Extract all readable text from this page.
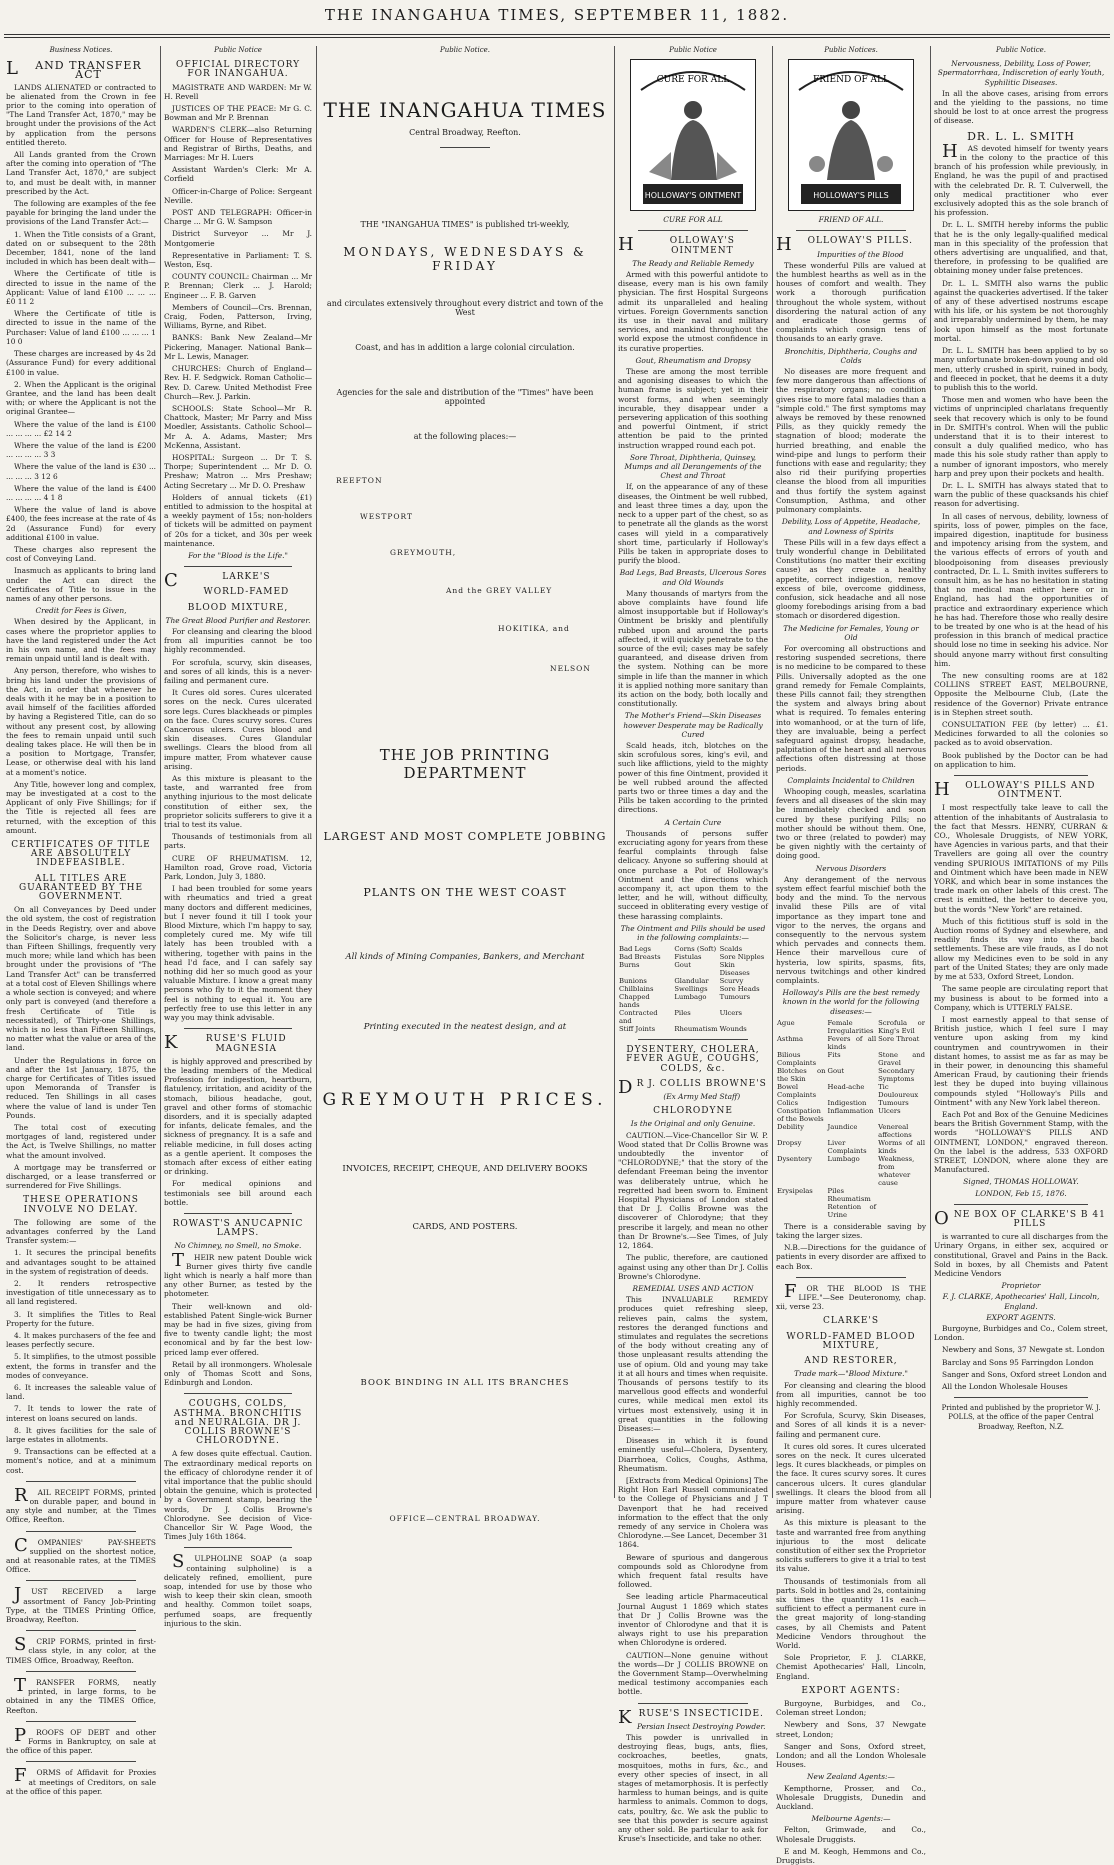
THE INANGAHUA TIMES, SEPTEMBER 11, 1882.
Business Notices.
LAND TRANSFER ACT

LANDS ALIENATED or contracted to be alienated from the Crown in fee prior to the coming into operation of "The Land Transfer Act, 1870," may be brought under the provisions of the Act by application from the persons entitled thereto.

All Lands granted from the Crown after the coming into operation of "The Land Transfer Act, 1870," are subject to, and must be dealt with, in manner prescribed by the Act.

The following are examples of the fee payable for bringing the land under the provisions of the Land Transfer Act:—

1. When the Title consists of a Grant, dated on or subsequent to the 28th December, 1841, none of the land included in which has been dealt with—

Where the Certificate of title is directed to issue in the name of the Applicant: Value of land £100 ... ... ... £0 11 2

Where the Certificate of title is directed to issue in the name of the Purchaser: Value of land £100 ... ... ... 1 10 0

These charges are increased by 4s 2d (Assurance Fund) for every additional £100 in value.

2. When the Applicant is the original Grantee, and the land has been dealt with; or where the Applicant is not the original Grantee—

Where the value of the land is £100 ... ... ... ... £2 14 2

Where the value of the land is £200 ... ... ... ... 3 3

Where the value of the land is £30 ... ... ... ... 3 12 6

Where the value of the land is £400 ... ... ... ... 4 1 8

Where the value of land is above £400, the fees increase at the rate of 4s 2d (Assurance Fund) for every additional £100 in value.

These charges also represent the cost of Conveying Land.

Inasmuch as applicants to bring land under the Act can direct the Certificates of Title to issue in the names of any other persons.

Credit for Fees is Given,

When desired by the Applicant, in cases where the proprietor applies to have the land registered under the Act in his own name, and the fees may remain unpaid until land is dealt with.

Any person, therefore, who wishes to bring his land under the provisions of the Act, in order that whenever he deals with it he may be in a position to avail himself of the facilities afforded by having a Registered Title, can do so without any present cost, by allowing the fees to remain unpaid until such dealing takes place. He will then be in a position to Mortgage, Transfer, Lease, or otherwise deal with his land at a moment's notice.

Any Title, however long and complex, may be investigated at a cost to the Applicant of only Five Shillings; for if the Title is rejected all fees are returned, with the exception of this amount.

CERTIFICATES OF TITLE ARE ABSOLUTELY INDEFEASIBLE.
ALL TITLES ARE GUARANTEED BY THE GOVERNMENT.

On all Conveyances by Deed under the old system, the cost of registration in the Deeds Registry, over and above the Solicitor's charge, is never less than Fifteen Shillings, frequently very much more; while land which has been brought under the provisions of "The Land Transfer Act" can be transferred at a total cost of Eleven Shillings where a whole section is conveyed; and where only part is conveyed (and therefore a fresh Certificate of Title is necessitated), of Thirty-one Shillings, which is no less than Fifteen Shillings, no matter what the value or area of the land.

Under the Regulations in force on and after the 1st January, 1875, the charge for Certificates of Titles issued upon Memoranda of Transfer is reduced. Ten Shillings in all cases where the value of land is under Ten Pounds.

The total cost of executing mortgages of land, registered under the Act, is Twelve Shillings, no matter what the amount involved.

A mortgage may be transferred or discharged, or a lease transferred or surrendered for Five Shillings.

THESE OPERATIONS INVOLVE NO DELAY.

The following are some of the advantages conferred by the Land Transfer system:—

1. It secures the principal benefits and advantages sought to be attained in the system of registration of deeds.

2. It renders retrospective investigation of title unnecessary as to all land registered.

3. It simplifies the Titles to Real Property for the future.

4. It makes purchasers of the fee and leases perfectly secure.

5. It simplifies, to the utmost possible extent, the forms in transfer and the modes of conveyance.

6. It increases the saleable value of land.

7. It tends to lower the rate of interest on loans secured on lands.

8. It gives facilities for the sale of large estates in allotments.

9. Transactions can be effected at a moment's notice, and at a minimum cost.

RAIL RECEIPT FORMS, printed on durable paper, and bound in any style and number, at the Times Office, Reefton.

COMPANIES' PAY-SHEETS supplied on the shortest notice, and at reasonable rates, at the TIMES Office.

JUST RECEIVED a large assortment of Fancy Job-Printing Type, at the TIMES Printing Office, Broadway, Reefton.

SCRIP FORMS, printed in first-class style, in any color, at the TIMES Office, Broadway, Reefton.

TRANSFER FORMS, neatly printed, in large forms, to be obtained in any the TIMES Office, Reefton.

PROOFS OF DEBT and other Forms in Bankruptcy, on sale at the office of this paper.

FORMS of Affidavit for Proxies at meetings of Creditors, on sale at the office of this paper.

Public Notice
OFFICIAL DIRECTORY FOR INANGAHUA.

MAGISTRATE AND WARDEN: Mr W. H. Revell

JUSTICES OF THE PEACE: Mr G. C. Bowman and Mr P. Brennan

WARDEN'S CLERK—also Returning Officer for House of Representatives and Registrar of Births, Deaths, and Marriages: Mr H. Luers

Assistant Warden's Clerk: Mr A. Corfield

Officer-in-Charge of Police: Sergeant Neville.

POST AND TELEGRAPH: Officer-in Charge ... Mr G. W. Sampson

District Surveyor ... Mr J. Montgomerie

Representative in Parliament: T. S. Weston, Esq.

COUNTY COUNCIL: Chairman ... Mr P. Brennan; Clerk ... J. Harold; Engineer ... F. B. Garven

Members of Council—Crs. Brennan, Craig, Foden, Patterson, Irving, Williams, Byrne, and Ribet.

BANKS: Bank New Zealand—Mr Pickering, Manager. National Bank—Mr L. Lewis, Manager.

CHURCHES: Church of England—Rev. H. F. Sedgwick. Roman Catholic—Rev. D. Carew. United Methodist Free Church—Rev. J. Parkin.

SCHOOLS: State School—Mr R. Chattock, Master; Mr Parry and Miss Moedler, Assistants. Catholic School—Mr A. A. Adams, Master; Mrs McKenna, Assistant.

HOSPITAL: Surgeon ... Dr T. S. Thorpe; Superintendent ... Mr D. O. Preshaw; Matron ... Mrs Preshaw; Acting Secretary ... Mr D. O. Preshaw

Holders of annual tickets (£1) entitled to admission to the hospital at a weekly payment of 15s; non-holders of tickets will be admitted on payment of 20s for a ticket, and 30s per week maintenance.

For the "Blood is the Life."
CLARKE'S
WORLD-FAMED
BLOOD MIXTURE,
The Great Blood Purifier and Restorer.

For cleansing and clearing the blood from all impurities cannot be too highly recommended.

For scrofula, scurvy, skin diseases, and sores of all kinds, this is a never-failing and permanent cure.

It Cures old sores. Cures ulcerated sores on the neck. Cures ulcerated sore legs. Cures blackheads or pimples on the face. Cures scurvy sores. Cures Cancerous ulcers. Cures blood and skin diseases. Cures Glandular swellings. Clears the blood from all impure matter, From whatever cause arising.

As this mixture is pleasant to the taste, and warranted free from anything injurious to the most delicate constitution of either sex, the proprietor solicits sufferers to give it a trial to test its value.

Thousands of testimonials from all parts.

CURE OF RHEUMATISM. 12, Hamilton road, Grove road, Victoria Park, London, July 3, 1880.

I had been troubled for some years with rheumatics and tried a great many doctors and different medicines, but I never found it till I took your Blood Mixture, which I'm happy to say, completely cured me. My wife till lately has been troubled with a withering, together with pains in the head I'd face, and I can safely say nothing did her so much good as your valuable Mixture. I know a great many persons who fly to it the moment they feel is nothing to equal it. You are perfectly free to use this letter in any way you may think advisable.

KRUSE'S FLUID MAGNESIA

is highly approved and prescribed by the leading members of the Medical Profession for indigestion, heartburn, flatulency, irritation, and acidity of the stomach, bilious headache, gout, gravel and other forms of stomachic disorders, and it is specially adapted for infants, delicate females, and the sickness of pregnancy. It is a safe and reliable medicine, in full doses acting as a gentle aperient. It composes the stomach after excess of either eating or drinking.

For medical opinions and testimonials see bill around each bottle.

ROWAST'S ANUCAPNIC LAMPS.
No Chimney, no Smell, no Smoke.

THEIR new patent Double wick Burner gives thirty five candle light which is nearly a half more than any other Burner, as tested by the photometer.

Their well-known and old-established Patent Single-wick Burner may be had in five sizes, giving from five to twenty candle light; the most economical and by far the best low-priced lamp ever offered.

Retail by all ironmongers. Wholesale only of Thomas Scott and Sons, Edinburgh and London.

COUGHS, COLDS, ASTHMA. BRONCHITIS and NEURALGIA. DR J. COLLIS BROWNE'S CHLORODYNE.

A few doses quite effectual. Caution. The extraordinary medical reports on the efficacy of chlorodyne render it of vital importance that the public should obtain the genuine, which is protected by a Government stamp, bearing the words, Dr J. Collis Browne's Chlorodyne. See decision of Vice-Chancellor Sir W. Page Wood, the Times July 16th 1864.

SULPHOLINE SOAP (a soap containing sulpholine) is a delicately refined, emollient, pure soap, intended for use by those who wish to keep their skin clean, smooth and healthy. Common toilet soaps, perfumed soaps, are frequently injurious to the skin.

Public Notice.
THE INANGAHUA TIMES
Central Broadway, Reefton.
THE "INANGAHUA TIMES" is published tri-weekly,
MONDAYS, WEDNESDAYS & FRIDAY
and circulates extensively throughout every district and town of the West
Coast, and has in addition a large colonial circulation.
Agencies for the sale and distribution of the "Times" have been appointed
at the following places:—
REEFTON
WESTPORT
GREYMOUTH,
And the GREY VALLEY
HOKITIKA, and
NELSON
THE JOB PRINTING DEPARTMENT
LARGEST AND MOST COMPLETE JOBBING
PLANTS ON THE WEST COAST
All kinds of Mining Companies, Bankers, and Merchant
Printing executed in the neatest design, and at
GREYMOUTH PRICES.
INVOICES, RECEIPT, CHEQUE, AND DELIVERY BOOKS
CARDS, AND POSTERS.
BOOK BINDING IN ALL ITS BRANCHES
OFFICE—CENTRAL BROADWAY.
Public Notice
CURE FOR ALL
HOLLOWAY'S OINTMENT
CURE FOR ALL
HOLLOWAY'S OINTMENT
The Ready and Reliable Remedy

Armed with this powerful antidote to disease, every man is his own family physician. The first Hospital Surgeons admit its unparalleled and healing virtues. Foreign Governments sanction its use in their naval and military services, and mankind throughout the world expose the utmost confidence in its curative properties.

Gout, Rheumatism and Dropsy

These are among the most terrible and agonising diseases to which the human frame is subject; yet in their worst forms, and when seemingly incurable, they disappear under a persevering application of this soothing and powerful Ointment, if strict attention be paid to the printed instruction wrapped round each pot.

Sore Throat, Diphtheria, Quinsey, Mumps and all Derangements of the Chest and Throat

If, on the appearance of any of these diseases, the Ointment be well rubbed, and least three times a day, upon the neck to a upper part of the chest, so as to penetrate all the glands as the worst cases will yield in a comparatively short time, particularly if Holloway's Pills be taken in appropriate doses to purify the blood.

Bad Legs, Bad Breasts, Ulcerous Sores and Old Wounds

Many thousands of martyrs from the above complaints have found life almost insupportable but if Holloway's Ointment be briskly and plentifully rubbed upon and around the parts affected, it will quickly penetrate to the source of the evil; cases may be safely guaranteed, and disease driven from the system. Nothing can be more simple in life than the manner in which it is applied nothing more sanitary than its action on the body, both locally and constitutionally.

The Mother's Friend—Skin Diseases however Desperate may be Radically Cured

Scald heads, itch, blotches on the skin scrofulous sores, king's evil, and such like afflictions, yield to the mighty power of this fine Ointment, provided it be well rubbed around the affected parts two or three times a day and the Pills be taken according to the printed directions.

A Certain Cure

Thousands of persons suffer excruciating agony for years from these fearful complaints through false delicacy. Anyone so suffering should at once purchase a Pot of Holloway's Ointment and the directions which accompany it, act upon them to the letter, and he will, without difficulty, succeed in obliterating every vestige of these harassing complaints.

The Ointment and Pills should be used in the following complaints:—
Bad Legs	Corns (Soft)	Scalds
Bad Breasts	Fistulas	Sore Nipples
Burns	Gout	Skin Diseases
Bunions	Glandular	Scurvy
Chilblains	Swellings	Sore Heads
Chapped hands	Lumbago	Tumours
Contracted and	Piles	Ulcers
Stiff Joints	Rheumatism	Wounds
DYSENTERY, CHOLERA, FEVER AGUE, COUGHS, COLDS, &c.
DR J. COLLIS BROWNE'S
(Ex Army Med Staff)
CHLORODYNE
Is the Original and only Genuine.

CAUTION.—Vice-Chancellor Sir W. P. Wood stated that Dr Collis Browne was undoubtedly the inventor of "CHLORODYNE;" that the story of the defendant Freeman being the inventor was deliberately untrue, which he regretted had been sworn to. Eminent Hospital Physicians of London stated that Dr J. Collis Browne was the discoverer of Chlorodyne; that they prescribe it largely, and mean no other than Dr Browne's.—See Times, of July 12, 1864.

The public, therefore, are cautioned against using any other than Dr J. Collis Browne's Chlorodyne.

REMEDIAL USES AND ACTION

This INVALUABLE REMEDY produces quiet refreshing sleep, relieves pain, calms the system, restores the deranged functions and stimulates and regulates the secretions of the body without creating any of those unpleasant results attending the use of opium. Old and young may take it at all hours and times when requisite. Thousands of persons testify to its marvellous good effects and wonderful cures, while medical men extol its virtues most extensively, using it in great quantities in the following Diseases:—

Diseases in which it is found eminently useful—Cholera, Dysentery, Diarrhoea, Colics, Coughs, Asthma, Rheumatism.

[Extracts from Medical Opinions] The Right Hon Earl Russell communicated to the College of Physicians and J T Davenport that he had received information to the effect that the only remedy of any service in Cholera was Chlorodyne.—See Lancet, December 31 1864.

Beware of spurious and dangerous compounds sold as Chlorodyne from which frequent fatal results have followed.

See leading article Pharmaceutical Journal August 1 1869 which states that Dr J Collis Browne was the inventor of Chlorodyne and that it is always right to use his preparation when Chlorodyne is ordered.

CAUTION—None genuine without the words—Dr J COLLIS BROWNE on the Government Stamp—Overwhelming medical testimony accompanies each bottle.

KRUSE'S INSECTICIDE.
Persian Insect Destroying Powder.

This powder is unrivalled in destroying fleas, bugs, ants, flies, cockroaches, beetles, gnats, mosquitoes, moths in furs, &c., and every other species of insect, in all stages of metamorphosis. It is perfectly harmless to human beings, and is quite harmless to animals. Common to dogs, cats, poultry, &c. We ask the public to see that this powder is secure against any other sold. Be particular to ask for Kruse's Insecticide, and take no other.

Public Notices.
FRIEND OF ALL
HOLLOWAY'S PILLS
FRIEND OF ALL.
HOLLOWAY'S PILLS.
Impurities of the Blood

These wonderful Pills are valued at the humblest hearths as well as in the houses of comfort and wealth. They work a thorough purification throughout the whole system, without disordering the natural action of any and eradicate those germs of complaints which consign tens of thousands to an early grave.

Bronchitis, Diphtheria, Coughs and Colds

No diseases are more frequent and few more dangerous than affections of the respiratory organs; no condition gives rise to more fatal maladies than a "simple cold." The first symptoms may always be removed by these renowned Pills, as they quickly remedy the stagnation of blood; moderate the hurried breathing, and enable the wind-pipe and lungs to perform their functions with ease and regularity; they also rid their purifying properties cleanse the blood from all impurities and thus fortify the system against Consumption, Asthma, and other pulmonary complaints.

Debility, Loss of Appetite, Headache, and Lowness of Spirits

These Pills will in a few days effect a truly wonderful change in Debilitated Constitutions (no matter their exciting cause) as they create a healthy appetite, correct indigestion, remove excess of bile, overcome giddiness, confusion, sick headache and all nose gloomy forebodings arising from a bad stomach or disordered digestion.

The Medicine for Females, Young or Old

For overcoming all obstructions and restoring suspended secretions, there is no medicine to be compared to these Pills. Universally adopted as the one grand remedy for Female Complaints, these Pills cannot fail; they strengthen the system and always bring about what is required. To females entering into womanhood, or at the turn of life, they are invaluable, being a perfect safeguard against dropsy, headache, palpitation of the heart and all nervous affections often distressing at those periods.

Complaints Incidental to Children

Whooping cough, measles, scarlatina fevers and all diseases of the skin may be immediately checked and soon cured by these purifying Pills; no mother should be without them. One, two or three (related to powder) may be given nightly with the certainty of doing good.

Nervous Disorders

Any derangement of the nervous system effect fearful mischief both the body and the mind. To the nervous invalid these Pills are of vital importance as they impart tone and vigor to the nerves, the organs and consequently to the nervous system which pervades and connects them. Hence their marvellous cure of hysteria, low spirits, spasms, fits, nervous twitchings and other kindred complaints.

Holloway's Pills are the best remedy known in the world for the following diseases:—
Ague	Female Irregularities	Scrofula or King's Evil
Asthma	Fevers of all kinds	Sore Throat
Bilious Complaints	Fits	Stone and Gravel
Blotches on the Skin	Gout	Secondary Symptoms
Bowel Complaints	Head-ache	Tic Douloureux
Colics	Indigestion	Tumours
Constipation of the Bowels	Inflammation	Ulcers
Debility	Jaundice	Venereal affections
Dropsy	Liver Complaints	Worms of all kinds
Dysentery	Lumbago	Weakness, from whatever cause
Erysipelas	Piles	
	Rheumatism	
	Retention of Urine	

There is a considerable saving by taking the larger sizes.

N.B.—Directions for the guidance of patients in every disorder are affixed to each Box.

FOR THE BLOOD IS THE LIFE."—See Deuteronomy, chap. xii, verse 23.

CLARKE'S
WORLD-FAMED BLOOD MIXTURE,
AND RESTORER,
Trade mark—"Blood Mixture."

For cleansing and clearing the blood from all impurities, cannot be too highly recommended.

For Scrofula, Scurvy, Skin Diseases, and Sores of all kinds it is a never-failing and permanent cure.

It cures old sores. It cures ulcerated sores on the neck. It cures ulcerated legs. It cures blackheads, or pimples on the face. It cures scurvy sores. It cures cancerous ulcers. It cures glandular swellings. It clears the blood from all impure matter from whatever cause arising.

As this mixture is pleasant to the taste and warranted free from anything injurious to the most delicate constitution of either sex the Proprietor solicits sufferers to give it a trial to test its value.

Thousands of testimonials from all parts. Sold in bottles and 2s, containing six times the quantity 11s each—sufficient to effect a permanent cure in the great majority of long-standing cases, by all Chemists and Patent Medicine Vendors throughout the World.

Sole Proprietor, F. J. CLARKE, Chemist Apothecaries' Hall, Lincoln, England.

EXPORT AGENTS:

Burgoyne, Burbidges, and Co., Coleman street London;

Newbery and Sons, 37 Newgate street, London;

Sanger and Sons, Oxford street, London; and all the London Wholesale Houses.

New Zealand Agents:—

Kempthorne, Prosser, and Co., Wholesale Druggists, Dunedin and Auckland.

Melbourne Agents:—

Felton, Grimwade, and Co., Wholesale Druggists.

E and M. Keogh, Hemmons and Co., Druggists.

Public Notice.
Nervousness, Debility, Loss of Power, Spermatorrhœa, Indiscretion of early Youth, Syphilitic Diseases.

In all the above cases, arising from errors and the yielding to the passions, no time should be lost to at once arrest the progress of disease.

DR. L. L. SMITH

HAS devoted himself for twenty years in the colony to the practice of this branch of his profession while previously, in England, he was the pupil of and practised with the celebrated Dr. R. T. Culverwell, the only medical practitioner who ever exclusively adopted this as the sole branch of his profession.

Dr. L. L. SMITH hereby informs the public that he is the only legally-qualified medical man in this speciality of the profession that others advertising are unqualified, and that, therefore, in professing to be qualified are obtaining money under false pretences.

Dr. L. L. SMITH also warns the public against the quackeries advertised. If the taker of any of these advertised nostrums escape with his life, or his system be not thoroughly and irreparably undermined by them, he may look upon himself as the most fortunate mortal.

Dr. L. L. SMITH has been applied to by so many unfortunate broken-down young and old men, utterly crushed in spirit, ruined in body, and fleeced in pocket, that he deems it a duty to publish this to the world.

Those men and women who have been the victims of unprincipled charlatans frequently seek that recovery which is only to be found in Dr. SMITH's control. When will the public understand that it is to their interest to consult a duly qualified medico, who has made this his sole study rather than apply to a number of ignorant impostors, who merely harp and prey upon their pockets and health.

Dr. L. L. SMITH has always stated that to warn the public of these quacksands his chief reason for advertising.

In all cases of nervous, debility, lowness of spirits, loss of power, pimples on the face, impaired digestion, inaptitude for business and impotency arising from the system, and the various effects of errors of youth and bloodpoisoning from diseases previously contracted, Dr. L. L. Smith invites sufferers to consult him, as he has no hesitation in stating that no medical man either here or in England, has had the opportunities of practice and extraordinary experience which he has had. Therefore those who really desire to be treated by one who is at the head of his profession in this branch of medical practice should lose no time in seeking his advice. Nor should anyone marry without first consulting him.

The new consulting rooms are at 182 COLLINS STREET EAST, MELBOURNE, Opposite the Melbourne Club, (Late the residence of the Governor) Private entrance is in Stephen street south.

CONSULTATION FEE (by letter) ... £1. Medicines forwarded to all the colonies so packed as to avoid observation.

Book published by the Doctor can be had on application to him.

HOLLOWAY'S PILLS AND OINTMENT.

I most respectfully take leave to call the attention of the inhabitants of Australasia to the fact that Messrs. HENRY, CURRAN & CO., Wholesale Druggists, of NEW YORK, have Agencies in various parts, and that their Travellers are going all over the country vending SPURIOUS IMITATIONS of my Pills and Ointment which have been made in NEW YORK, and which bear in some instances the trade mark on other labels of this crest. The crest is emitted, the better to deceive you, but the words "New York" are retained.

Much of this fictitious stuff is sold in the Auction rooms of Sydney and elsewhere, and readily finds its way into the back settlements. These are vile frauds, as I do not allow my Medicines even to be sold in any part of the United States; they are only made by me at 533, Oxford Street, London.

The same people are circulating report that my business is about to be formed into a Company, which is UTTERLY FALSE.

I most earnestly appeal to that sense of British justice, which I feel sure I may venture upon asking from my kind countrymen and countrywomen in their distant homes, to assist me as far as may be in their power, in denouncing this shameful American Fraud, by cautioning their friends lest they be duped into buying villainous compounds styled "Holloway's Pills and Ointment" with any New York label thereon.

Each Pot and Box of the Genuine Medicines bears the British Government Stamp, with the words "HOLLOWAY'S PILLS AND OINTMENT, LONDON," engraved thereon. On the label is the address, 533 OXFORD STREET, LONDON, where alone they are Manufactured.

Signed, THOMAS HOLLOWAY.
LONDON, Feb 15, 1876.
ONE BOX OF CLARKE'S B 41 PILLS

is warranted to cure all discharges from the Urinary Organs, in either sex, acquired or constitutional, Gravel and Pains in the Back. Sold in boxes, by all Chemists and Patent Medicine Vendors

Proprietor
F. J. CLARKE, Apothecaries' Hall, Lincoln, England.
EXPORT AGENTS.

Burgoyne, Burbidges and Co., Colem street, London.

Newbery and Sons, 37 Newgate st. London

Barclay and Sons 95 Farringdon London

Sanger and Sons, Oxford street London and

All the London Wholesale Houses

Printed and published by the proprietor W. J. POLLS, at the office of the paper Central Broadway, Reefton, N.Z.
